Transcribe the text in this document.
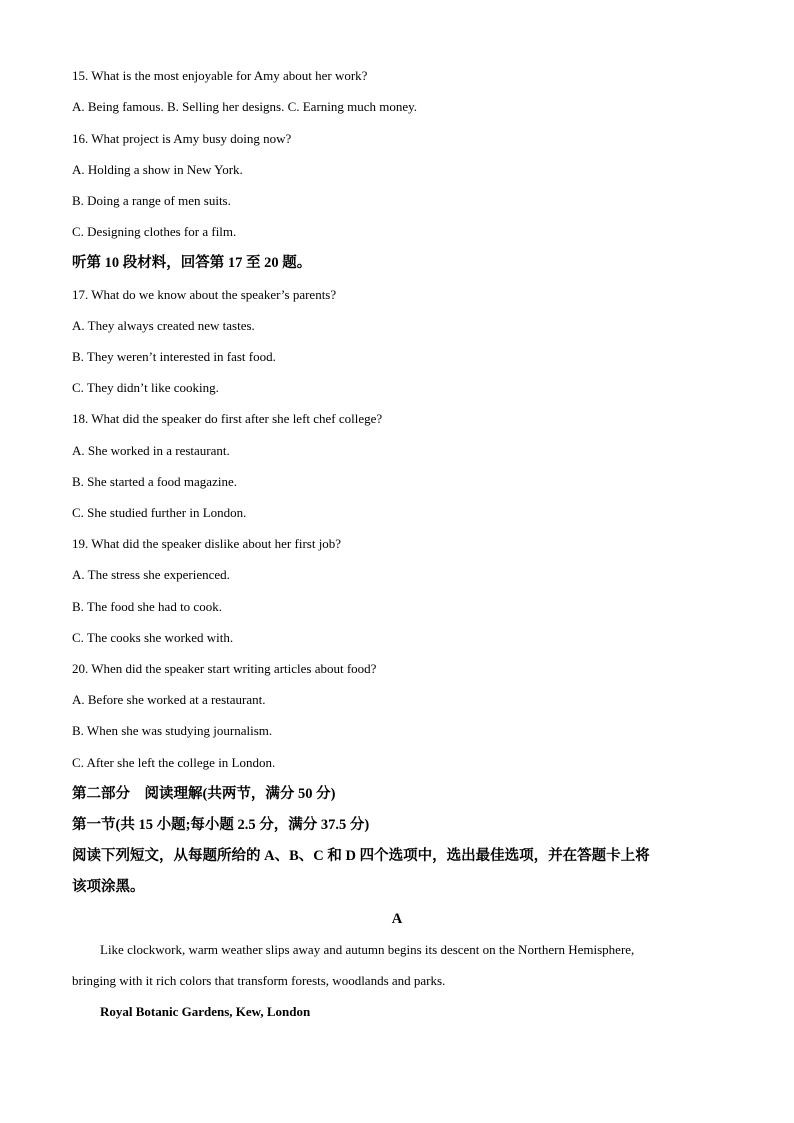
15. What is the most enjoyable for Amy about her work?
A. Being famous. B. Selling her designs. C. Earning much money.
16. What project is Amy busy doing now?
A. Holding a show in New York.
B. Doing a range of men suits.
C. Designing clothes for a film.
听第 10 段材料，回答第 17 至 20 题。
17. What do we know about the speaker’s parents?
A. They always created new tastes.
B. They weren’t interested in fast food.
C. They didn’t like cooking.
18. What did the speaker do first after she left chef college?
A. She worked in a restaurant.
B. She started a food magazine.
C. She studied further in London.
19. What did the speaker dislike about her first job?
A. The stress she experienced.
B. The food she had to cook.
C. The cooks she worked with.
20. When did the speaker start writing articles about food?
A. Before she worked at a restaurant.
B. When she was studying journalism.
C. After she left the college in London.
第二部分　阅读理解(共两节，满分 50 分)
第一节(共 15 小题;每小题 2.5 分，满分 37.5 分)
阅读下列短文，从每题所给的 A、B、C 和 D 四个选项中，选出最佳选项，并在答题卡上将
该项涂黑。
A
Like clockwork, warm weather slips away and autumn begins its descent on the Northern Hemisphere,
bringing with it rich colors that transform forests, woodlands and parks.
Royal Botanic Gardens, Kew, London
